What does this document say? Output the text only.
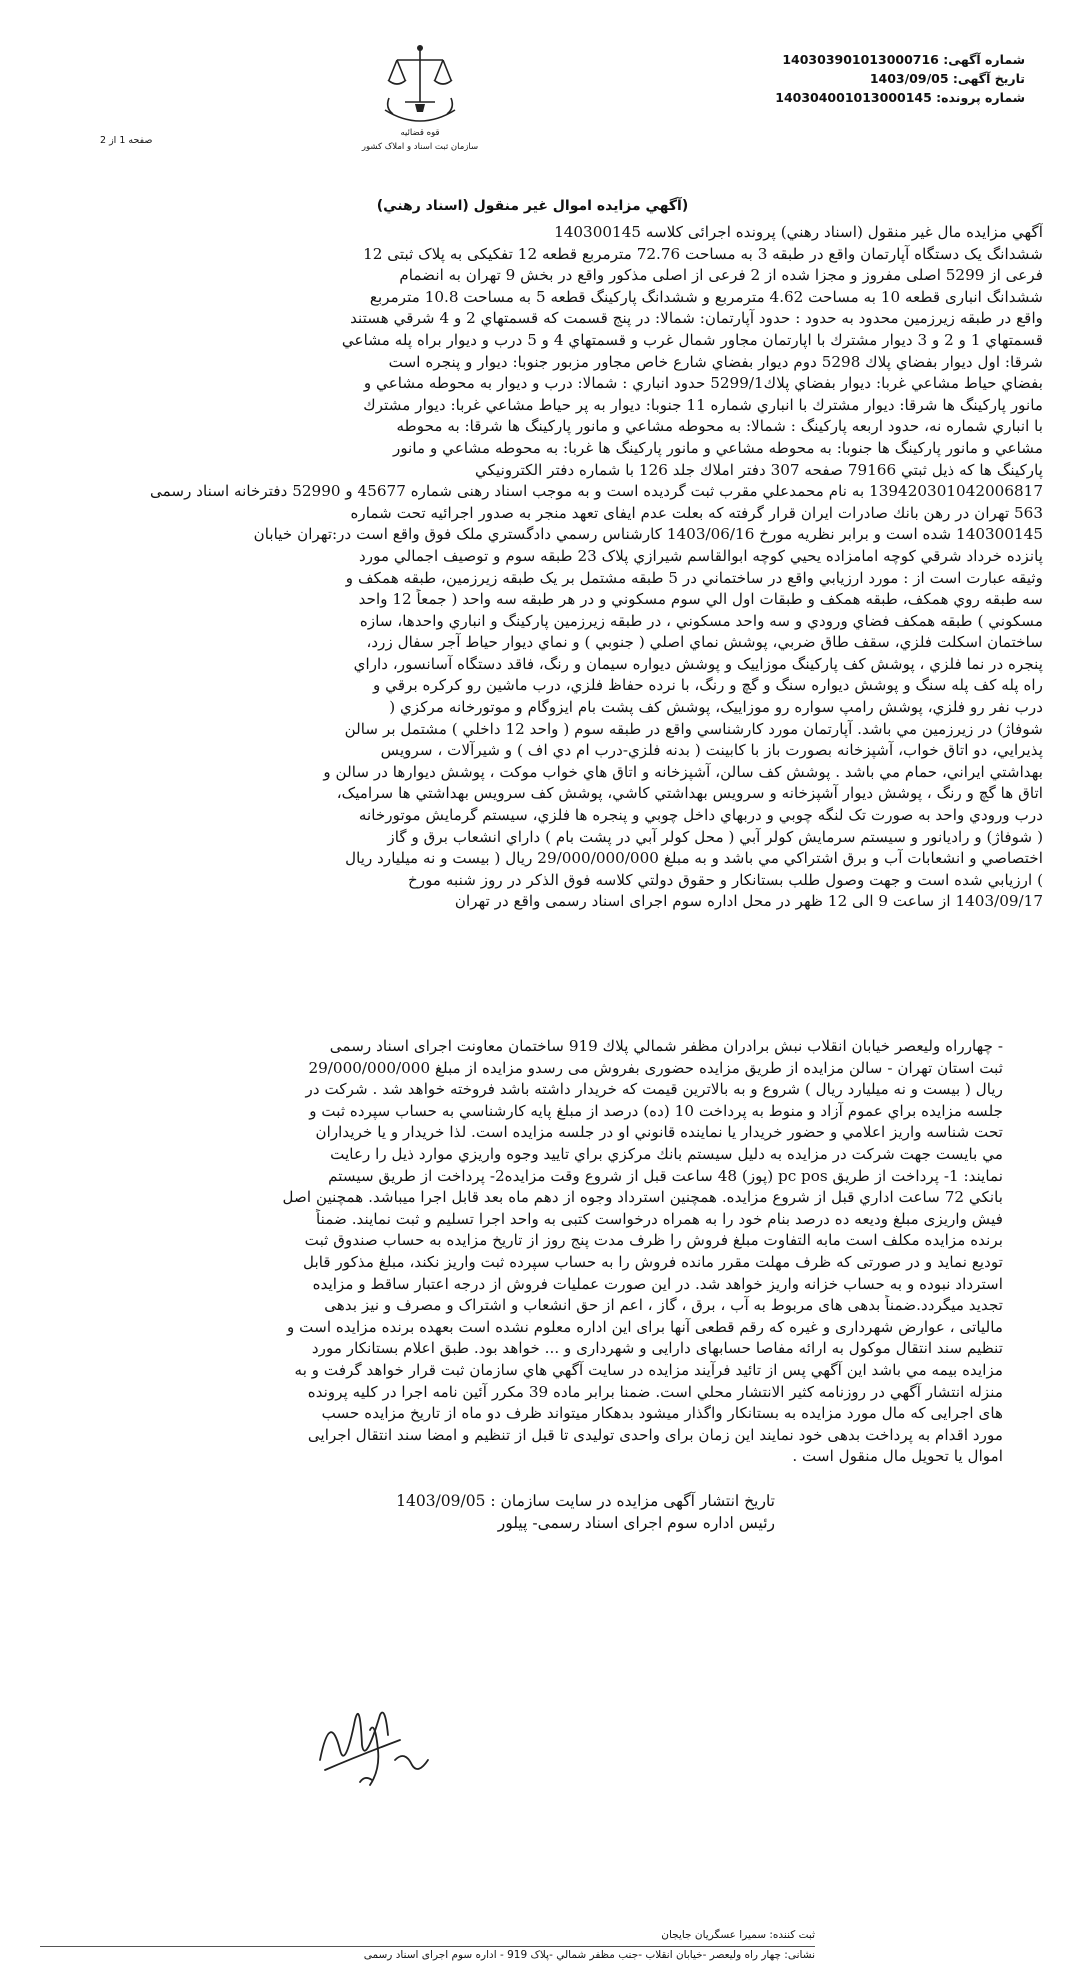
شماره آگهی: 140303901013000716
تاریخ آگهی: 1403/09/05
شماره پرونده: 140304001013000145
صفحه 1 از 2
قوه قضائیه
سازمان ثبت اسناد و املاک کشور
(آگهي مزايده اموال غير منقول (اسناد رهني)
آگهي مزايده مال غير منقول (اسناد رهني) پرونده اجرائی کلاسه 140300145
ششدانگ یک دستگاه آپارتمان واقع در طبقه 3 به مساحت 72.76 مترمربع قطعه 12 تفکیکی به پلاک ثبتی 12
فرعی از 5299 اصلی مفروز و مجزا شده از 2 فرعی از اصلی مذکور واقع در بخش 9 تهران به انضمام
ششدانگ انباری قطعه 10 به مساحت 4.62 مترمربع و ششدانگ پارکینگ قطعه 5 به مساحت 10.8 مترمربع
واقع در طبقه زیرزمین محدود به حدود : حدود آپارتمان: شمالا: در پنج قسمت که قسمتهاي 2 و 4 شرقي هستند
قسمتهاي 1 و 2 و 3 ديوار مشترك با اپارتمان مجاور شمال غرب و قسمتهاي 4 و 5 درب و ديوار براه پله مشاعي
شرقا: اول ديوار بفضاي پلاك 5298 دوم ديوار بفضاي شارع خاص مجاور مزبور جنوبا: ديوار و پنجره است
بفضاي حياط مشاعي غربا: ديوار بفضاي پلاك5299/1 حدود انباري : شمالا: درب و ديوار به محوطه مشاعي و
مانور پاركينگ ها شرقا: ديوار مشترك با انباري شماره 11 جنوبا: ديوار به پر حياط مشاعي غربا: ديوار مشترك
با انباري شماره نه، حدود اربعه پاركينگ : شمالا: به محوطه مشاعي و مانور پاركينگ ها شرقا: به محوطه
مشاعي و مانور پاركينگ ها جنوبا: به محوطه مشاعي و مانور پاركينگ ها غربا: به محوطه مشاعي و مانور
پاركينگ ها كه ذيل ثبتي 79166 صفحه 307 دفتر املاك جلد 126 با شماره دفتر الكترونيكي
139420301042006817 به نام محمدعلي مقرب ثبت گرديده است و به موجب اسناد رهنی شماره 45677 و 52990 دفترخانه اسناد رسمی
563 تهران در رهن بانك صادرات ایران قرار گرفته كه بعلت عدم ايفای تعهد منجر به صدور اجرائيه تحت شماره
140300145 شده است و برابر نظريه مورخ 1403/06/16 كارشناس رسمي دادگستري ملک فوق واقع است در:تهران خيابان
پانزده خرداد شرقي کوچه امامزاده يحيي کوچه ابوالقاسم شيرازي پلاک 23 طبقه سوم و توصيف اجمالي مورد
وثيقه عبارت است از : مورد ارزيابي واقع در ساختماني در 5 طبقه مشتمل بر يک طبقه زيرزمين، طبقه همکف و
سه طبقه روي همکف، طبقه همکف و طبقات اول الي سوم مسکوني و در هر طبقه سه واحد ( جمعاً 12 واحد
مسکوني ) طبقه همکف فضاي ورودي و سه واحد مسکوني ، در طبقه زيرزمين پارکينگ و انباري واحدها، سازه
ساختمان اسکلت فلزي، سقف طاق ضربي، پوشش نماي اصلي ( جنوبي ) و نماي ديوار حياط آجر سفال زرد،
پنجره در نما فلزي ، پوشش کف پارکينگ موزاييک و پوشش ديواره سيمان و رنگ، فاقد دستگاه آسانسور، داراي
راه پله کف پله سنگ و پوشش ديواره سنگ و گچ و رنگ، با نرده حفاظ فلزي، درب ماشين رو کرکره برقي و
درب نفر رو فلزي، پوشش رامپ سواره رو موزاييک، پوشش کف پشت بام ايزوگام و موتورخانه مرکزي (
شوفاژ) در زيرزمين مي باشد. آپارتمان مورد کارشناسي واقع در طبقه سوم ( واحد 12 داخلي ) مشتمل بر سالن
پذيرايي، دو اتاق خواب، آشپزخانه بصورت باز با کابينت ( بدنه فلزي-درب ام دي اف ) و شيرآلات ، سرويس
بهداشتي ايراني، حمام مي باشد . پوشش کف سالن، آشپزخانه و اتاق هاي خواب موکت ، پوشش ديوارها در سالن و
اتاق ها گچ و رنگ ، پوشش ديوار آشپزخانه و سرويس بهداشتي کاشي، پوشش کف سرويس بهداشتي ها سراميک،
درب ورودي واحد به صورت تک لنگه چوبي و دربهاي داخل چوبي و پنجره ها فلزي، سيستم گرمايش موتورخانه
( شوفاژ) و راديانور و سيستم سرمايش کولر آبي ( محل کولر آبي در پشت بام ) داراي انشعاب برق و گاز
اختصاصي و انشعابات آب و برق اشتراکي مي باشد و به مبلغ 29/000/000/000 ريال ( بيست و نه ميليارد ريال
) ارزيابي شده است و جهت وصول طلب بستانكار و حقوق دولتي كلاسه فوق الذكر در روز شنبه مورخ
1403/09/17 از ساعت 9 الی 12 ظهر در محل اداره سوم اجرای اسناد رسمی واقع در تهران
- چهارراه وليعصر خيابان انقلاب نبش برادران مظفر شمالي پلاك 919 ساختمان معاونت اجرای اسناد رسمی
ثبت استان تهران - سالن مزايده از طريق مزايده حضوری بفروش می رسدو مزايده از مبلغ 29/000/000/000
ريال ( بيست و نه ميليارد ريال ) شروع و به بالاترين قيمت كه خريدار داشته باشد فروخته خواهد شد . شرکت در
جلسه مزايده براي عموم آزاد و منوط به پرداخت 10 (ده) درصد از مبلغ پايه كارشناسي به حساب سپرده ثبت و
تحت شناسه واريز اعلامي و حضور خريدار يا نماينده قانوني او در جلسه مزايده است. لذا خريدار و يا خريداران
مي بايست جهت شركت در مزايده به دليل سيستم بانك مركزي براي تاييد وجوه واريزي موارد ذيل را رعايت
نمايند: 1- پرداخت از طريق pc pos (پوز) 48 ساعت قبل از شروع وقت مزايده2- پرداخت از طريق سيستم
بانكي 72 ساعت اداري قبل از شروع مزايده. همچنين استرداد وجوه از دهم ماه بعد قابل اجرا ميباشد. همچنين اصل
فيش واريزی مبلغ وديعه ده درصد بنام خود را به همراه درخواست كتبی به واحد اجرا تسليم و ثبت نمايند. ضمناً
برنده مزايده مكلف است مابه التفاوت مبلغ فروش را ظرف مدت پنج روز از تاريخ مزايده به حساب صندوق ثبت
توديع نمايد و در صورتی كه ظرف مهلت مقرر مانده فروش را به حساب سپرده ثبت واريز نكند، مبلغ مذكور قابل
استرداد نبوده و به حساب خزانه واريز خواهد شد. در اين صورت عمليات فروش از درجه اعتبار ساقط و مزايده
تجديد ميگردد.ضمناً بدهی های مربوط به آب ، برق ، گاز ، اعم از حق انشعاب و اشتراک و مصرف و نيز بدهی
مالياتی ، عوارض شهرداری و غيره كه رقم قطعی آنها برای اين اداره معلوم نشده است بعهده برنده مزايده است و
تنظيم سند انتقال موكول به ارائه مفاصا حسابهای دارايی و شهرداری و ... خواهد بود. طبق اعلام بستانكار مورد
مزايده بيمه مي باشد اين آگهي پس از تائيد فرآيند مزايده در سايت آگهي هاي سازمان ثبت قرار خواهد گرفت و به
منزله انتشار آگهي در روزنامه كثير الانتشار محلي است. ضمنا برابر ماده 39 مكرر آئين نامه اجرا در كليه پرونده
های اجرايی كه مال مورد مزايده به بستانكار واگذار ميشود بدهكار ميتواند ظرف دو ماه از تاريخ مزايده حسب
مورد اقدام به پرداخت بدهی خود نمايند اين زمان برای واحدی توليدی تا قبل از تنظيم و امضا سند انتقال اجرايی
اموال يا تحويل مال منقول است .
تاريخ انتشار آگهی مزايده در سايت سازمان : 1403/09/05
رئيس اداره سوم اجرای اسناد رسمی- پيلور
ثبت كننده: سميرا عسگريان جايجان
نشانی: چهار راه وليعصر -خيابان انقلاب -جنب مظفر شمالي -پلاک 919 - اداره سوم اجرای اسناد رسمی
